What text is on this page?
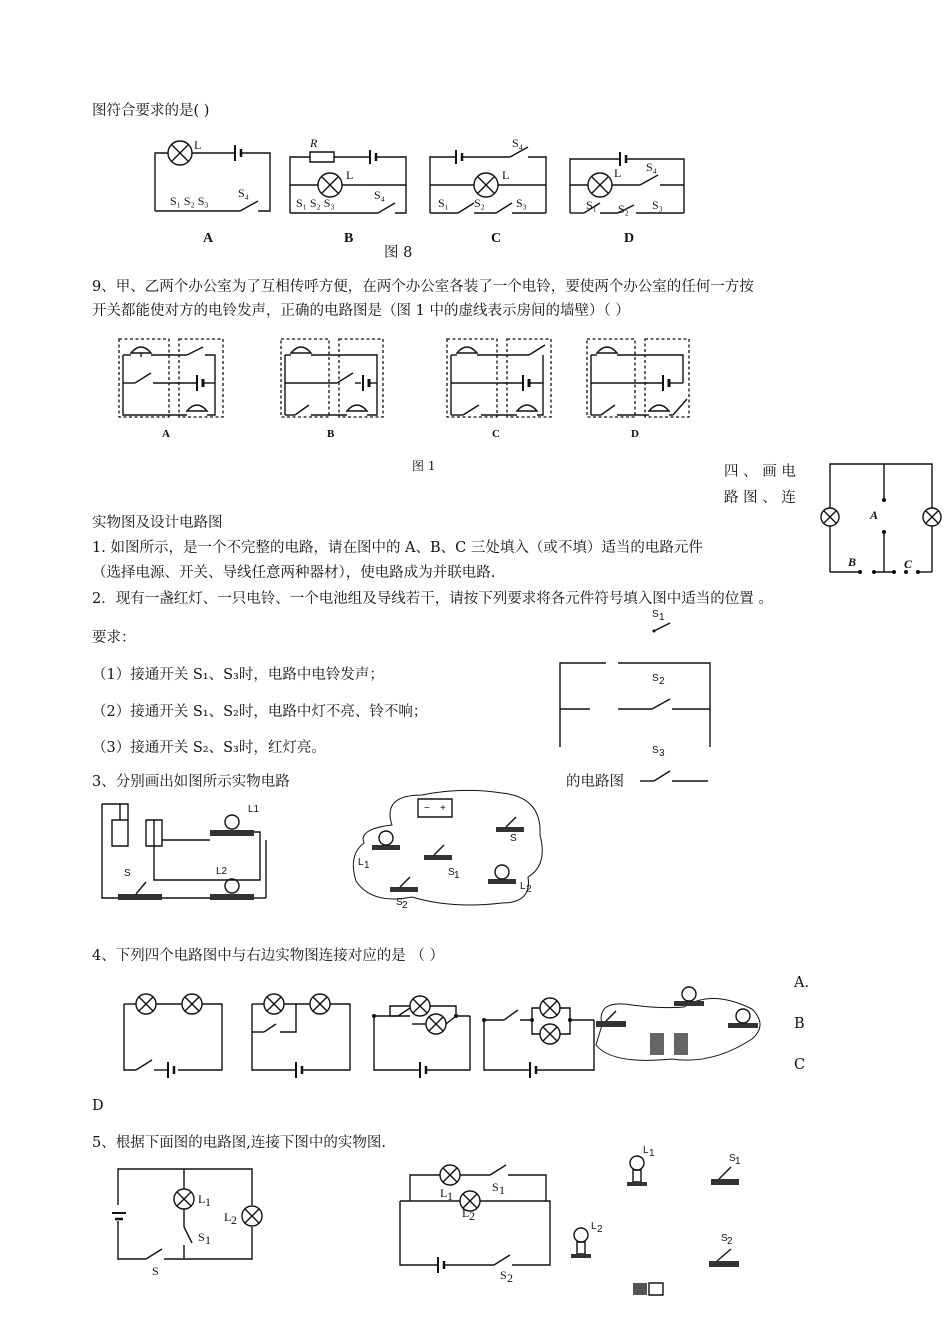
图符合要求的是( )
L
S₁ S₂ S₃
S₄
R
L
S₁ S₂ S₃
S₄
S₄
L
S₁ S₂	S₃
L S₄
S₁ S₂ S₃
A	B	C	D
图 8
9、甲、乙两个办公室为了互相传呼方便，在两个办公室各装了一个电铃，要使两个办公室的任何一方按
开关都能使对方的电铃发声，正确的电路图是（图 1 中的虚线表示房间的墙壁）（ ）
A	B	C	D
图 1	四 、 画 电
路 图 、 连
实物图及设计电路图	A
B	C
1. 如图所示，是一个不完整的电路，请在图中的 A、B、C 三处填入（或不填）适当的电路元件
（选择电源、开关、导线任意两种器材），使电路成为并联电路.
2．现有一盏红灯、一只电铃、一个电池组及导线若干，请按下列要求将各元件符号填入图中适当的位置 。
S 1
S 2
S 3
要求：
（1）接通开关 S₁、S₃时，电路中电铃发声；
（2）接通开关 S₁、S₂时，电路中灯不亮、铃不响；
（3）接通开关 S₂、S₃时，红灯亮。
3、分别画出如图所示实物电路	的电路图
L1
S	L2
− +
S
L 1
S 1
L 2
S 2
4、下列四个电路图中与右边实物图连接对应的是 （ ）
A.
B
C
D
5、根据下面图的电路图,连接下图中的实物图.
L 1
L 2
S 1
S
L 1
S 1
L 2
S 2
L 1	S 1
L 2
S 2
